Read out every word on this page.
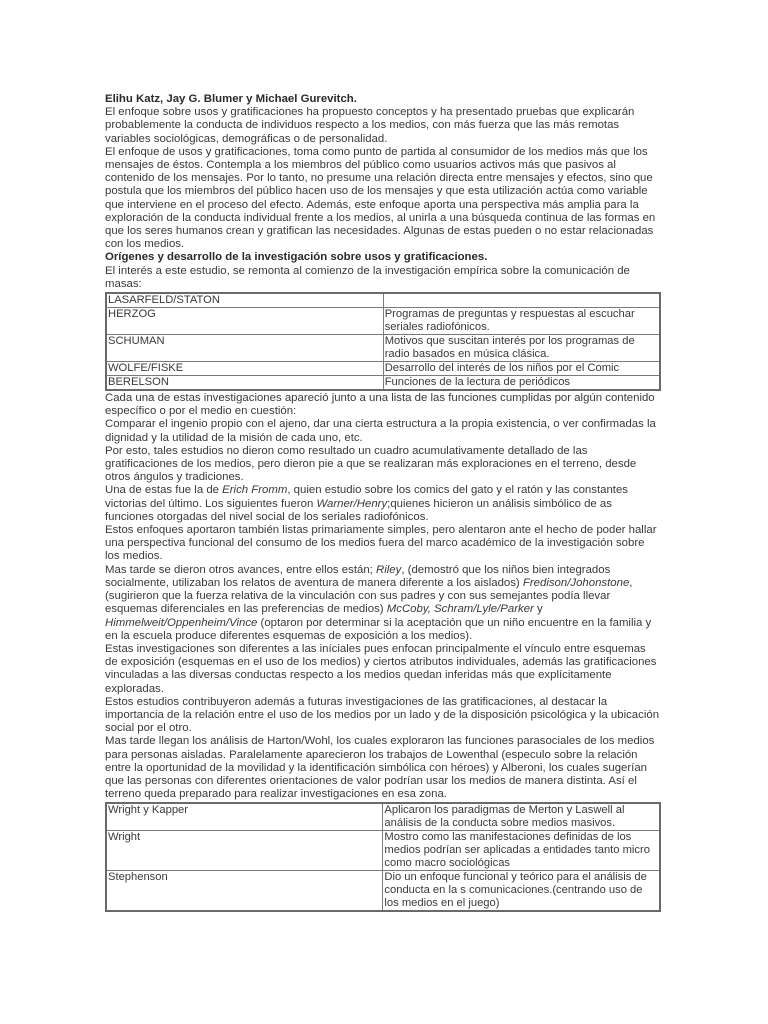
Elihu Katz, Jay G. Blumer y Michael Gurevitch.

El enfoque sobre usos y gratificaciones ha propuesto conceptos y ha presentado pruebas que explicarán probablemente la conducta de individuos respecto a los medios, con más fuerza que las más remotas variables sociológicas, demográficas o de personalidad.

El enfoque de usos y gratificaciones, toma como punto de partida al consumidor de los medios más que los mensajes de éstos. Contempla a los miembros del público como usuarios activos más que pasivos al contenido de los mensajes. Por lo tanto, no presume una relación directa entre mensajes y efectos, sino que postula que los miembros del público hacen uso de los mensajes y que esta utilización actúa como variable que interviene en el proceso del efecto. Además, este enfoque aporta una perspectiva más amplia para la exploración de la conducta individual frente a los medios, al unirla a una búsqueda continua de las formas en que los seres humanos crean y gratifican las necesidades. Algunas de estas pueden o no estar relacionadas con los medios.

Orígenes y desarrollo de la investigación sobre usos y gratificaciones.

El interés a este estudio, se remonta al comienzo de la investigación empírica sobre la comunicación de masas:

LASARFELD/STATON	
HERZOG	Programas de preguntas y respuestas al escuchar seriales radiofónicos.
SCHUMAN	Motivos que suscitan interés por los programas de radio basados en música clásica.
WOLFE/FISKE	Desarrollo del interés de los niños por el Comic
BERELSON	Funciones de la lectura de periódicos

Cada una de estas investigaciones apareció junto a una lista de las funciones cumplidas por algún contenido específico o por el medio en cuestión:

Comparar el ingenio propio con el ajeno, dar una cierta estructura a la propia existencia, o ver confirmadas la dignidad y la utilidad de la misión de cada uno, etc.

Por esto, tales estudios no dieron como resultado un cuadro acumulativamente detallado de las gratificaciones de los medios, pero dieron pie a que se realizaran más exploraciones en el terreno, desde otros ángulos y tradiciones.

Una de estas fue la de Erich Fromm, quien estudio sobre los comics del gato y el ratón y las constantes victorias del último. Los siguientes fueron Warner/Henry;quienes hicieron un análisis simbólico de as funciones otorgadas del nivel social de los seriales radiofónicos.

Estos enfoques aportaron también listas primariamente simples, pero alentaron ante el hecho de poder hallar una perspectiva funcional del consumo de los medios fuera del marco académico de la investigación sobre los medios.

Mas tarde se dieron otros avances, entre ellos están; Riley, (demostró que los niños bien integrados socialmente, utilizaban los relatos de aventura de manera diferente a los aislados) Fredison/Johonstone, (sugirieron que la fuerza relativa de la vinculación con sus padres y con sus semejantes podía llevar esquemas diferenciales en las preferencias de medios) McCoby, Schram/Lyle/Parker y Himmelweit/Oppenheim/Vince (optaron por determinar si la aceptación que un niño encuentre en la familia y en la escuela produce diferentes esquemas de exposición a los medios).

Estas investigaciones son diferentes a las iníciales pues enfocan principalmente el vínculo entre esquemas de exposición (esquemas en el uso de los medios) y ciertos atributos individuales, además las gratificaciones vinculadas a las diversas conductas respecto a los medios quedan inferidas más que explícitamente exploradas.

Estos estudios contribuyeron además a futuras investigaciones de las gratificaciones, al destacar la importancia de la relación entre el uso de los medios por un lado y de la disposición psicológica y la ubicación social por el otro.

Mas tarde llegan los análisis de Harton/Wohl, los cuales exploraron las funciones parasociales de los medios para personas aisladas. Paralelamente aparecieron los trabajos de Lowenthal (especulo sobre la relación entre la oportunidad de la movilidad y la identificación simbólica con héroes) y Alberoni, los cuales sugerían que las personas con diferentes orientaciones de valor podrían usar los medios de manera distinta. Así el terreno queda preparado para realizar investigaciones en esa zona.

Wright y Kapper	Aplicaron los paradigmas de Merton y Laswell al análisis de la conducta sobre medios masivos.
Wright	Mostro como las manifestaciones definidas de los medios podrían ser aplicadas a entidades tanto micro como macro sociológicas
Stephenson	Dio un enfoque funcional y teórico para el análisis de conducta en la s comunicaciones.(centrando uso de los medios en el juego)
